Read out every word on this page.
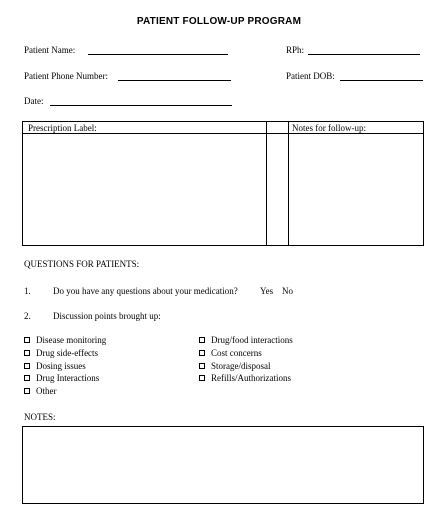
PATIENT FOLLOW-UP PROGRAM
Patient Name:	RPh:
Patient Phone Number:	Patient DOB:
Date:
Prescription Label:	Notes for follow-up:
QUESTIONS FOR PATIENTS:
1. Do you have any questions about your medication? Yes No
2. Discussion points brought up:
Disease monitoring
Drug side-effects
Dosing issues
Drug Interactions
Other
Drug/food interactions
Cost concerns
Storage/disposal
Refills/Authorizations
NOTES:
